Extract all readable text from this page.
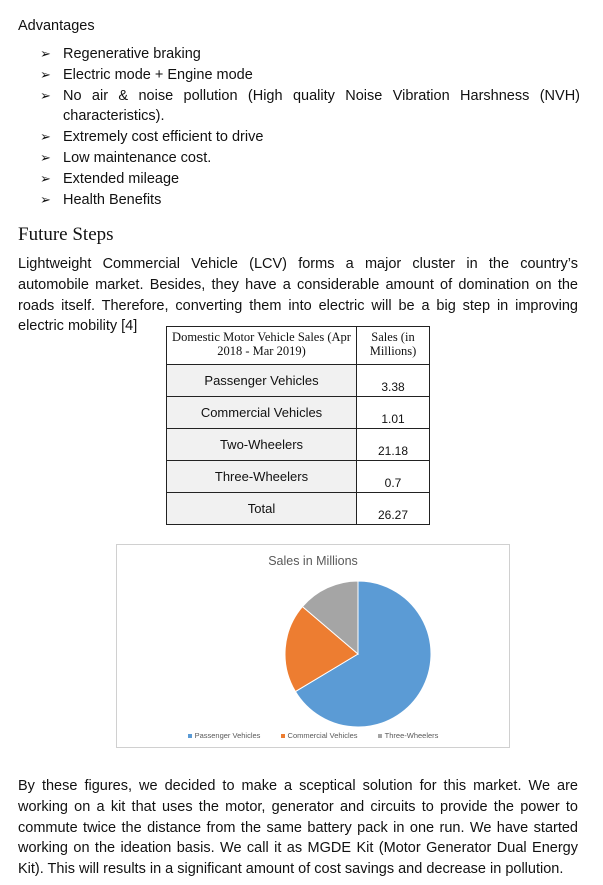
Advantages
➢ Regenerative braking
➢ Electric mode + Engine mode
➢ No air & noise pollution (High quality Noise Vibration Harshness (NVH) characteristics).
➢ Extremely cost efficient to drive
➢ Low maintenance cost.
➢ Extended mileage
➢ Health Benefits
Future Steps

Lightweight Commercial Vehicle (LCV) forms a major cluster in the country’s automobile market. Besides, they have a considerable amount of domination on the roads itself. Therefore, converting them into electric will be a big step in improving electric mobility [4]

Domestic Motor Vehicle Sales (Apr 2018 - Mar 2019)	Sales (in Millions)
Passenger Vehicles	3.38
Commercial Vehicles	1.01
Two-Wheelers	21.18
Three-Wheelers	0.7
Total	26.27
Sales in Millions
Passenger Vehicles	Commercial Vehicles	Three-Wheelers

By these figures, we decided to make a sceptical solution for this market. We are working on a kit that uses the motor, generator and circuits to provide the power to commute twice the distance from the same battery pack in one run. We have started working on the ideation basis. We call it as MGDE Kit (Motor Generator Dual Energy Kit). This will results in a significant amount of cost savings and decrease in pollution.
